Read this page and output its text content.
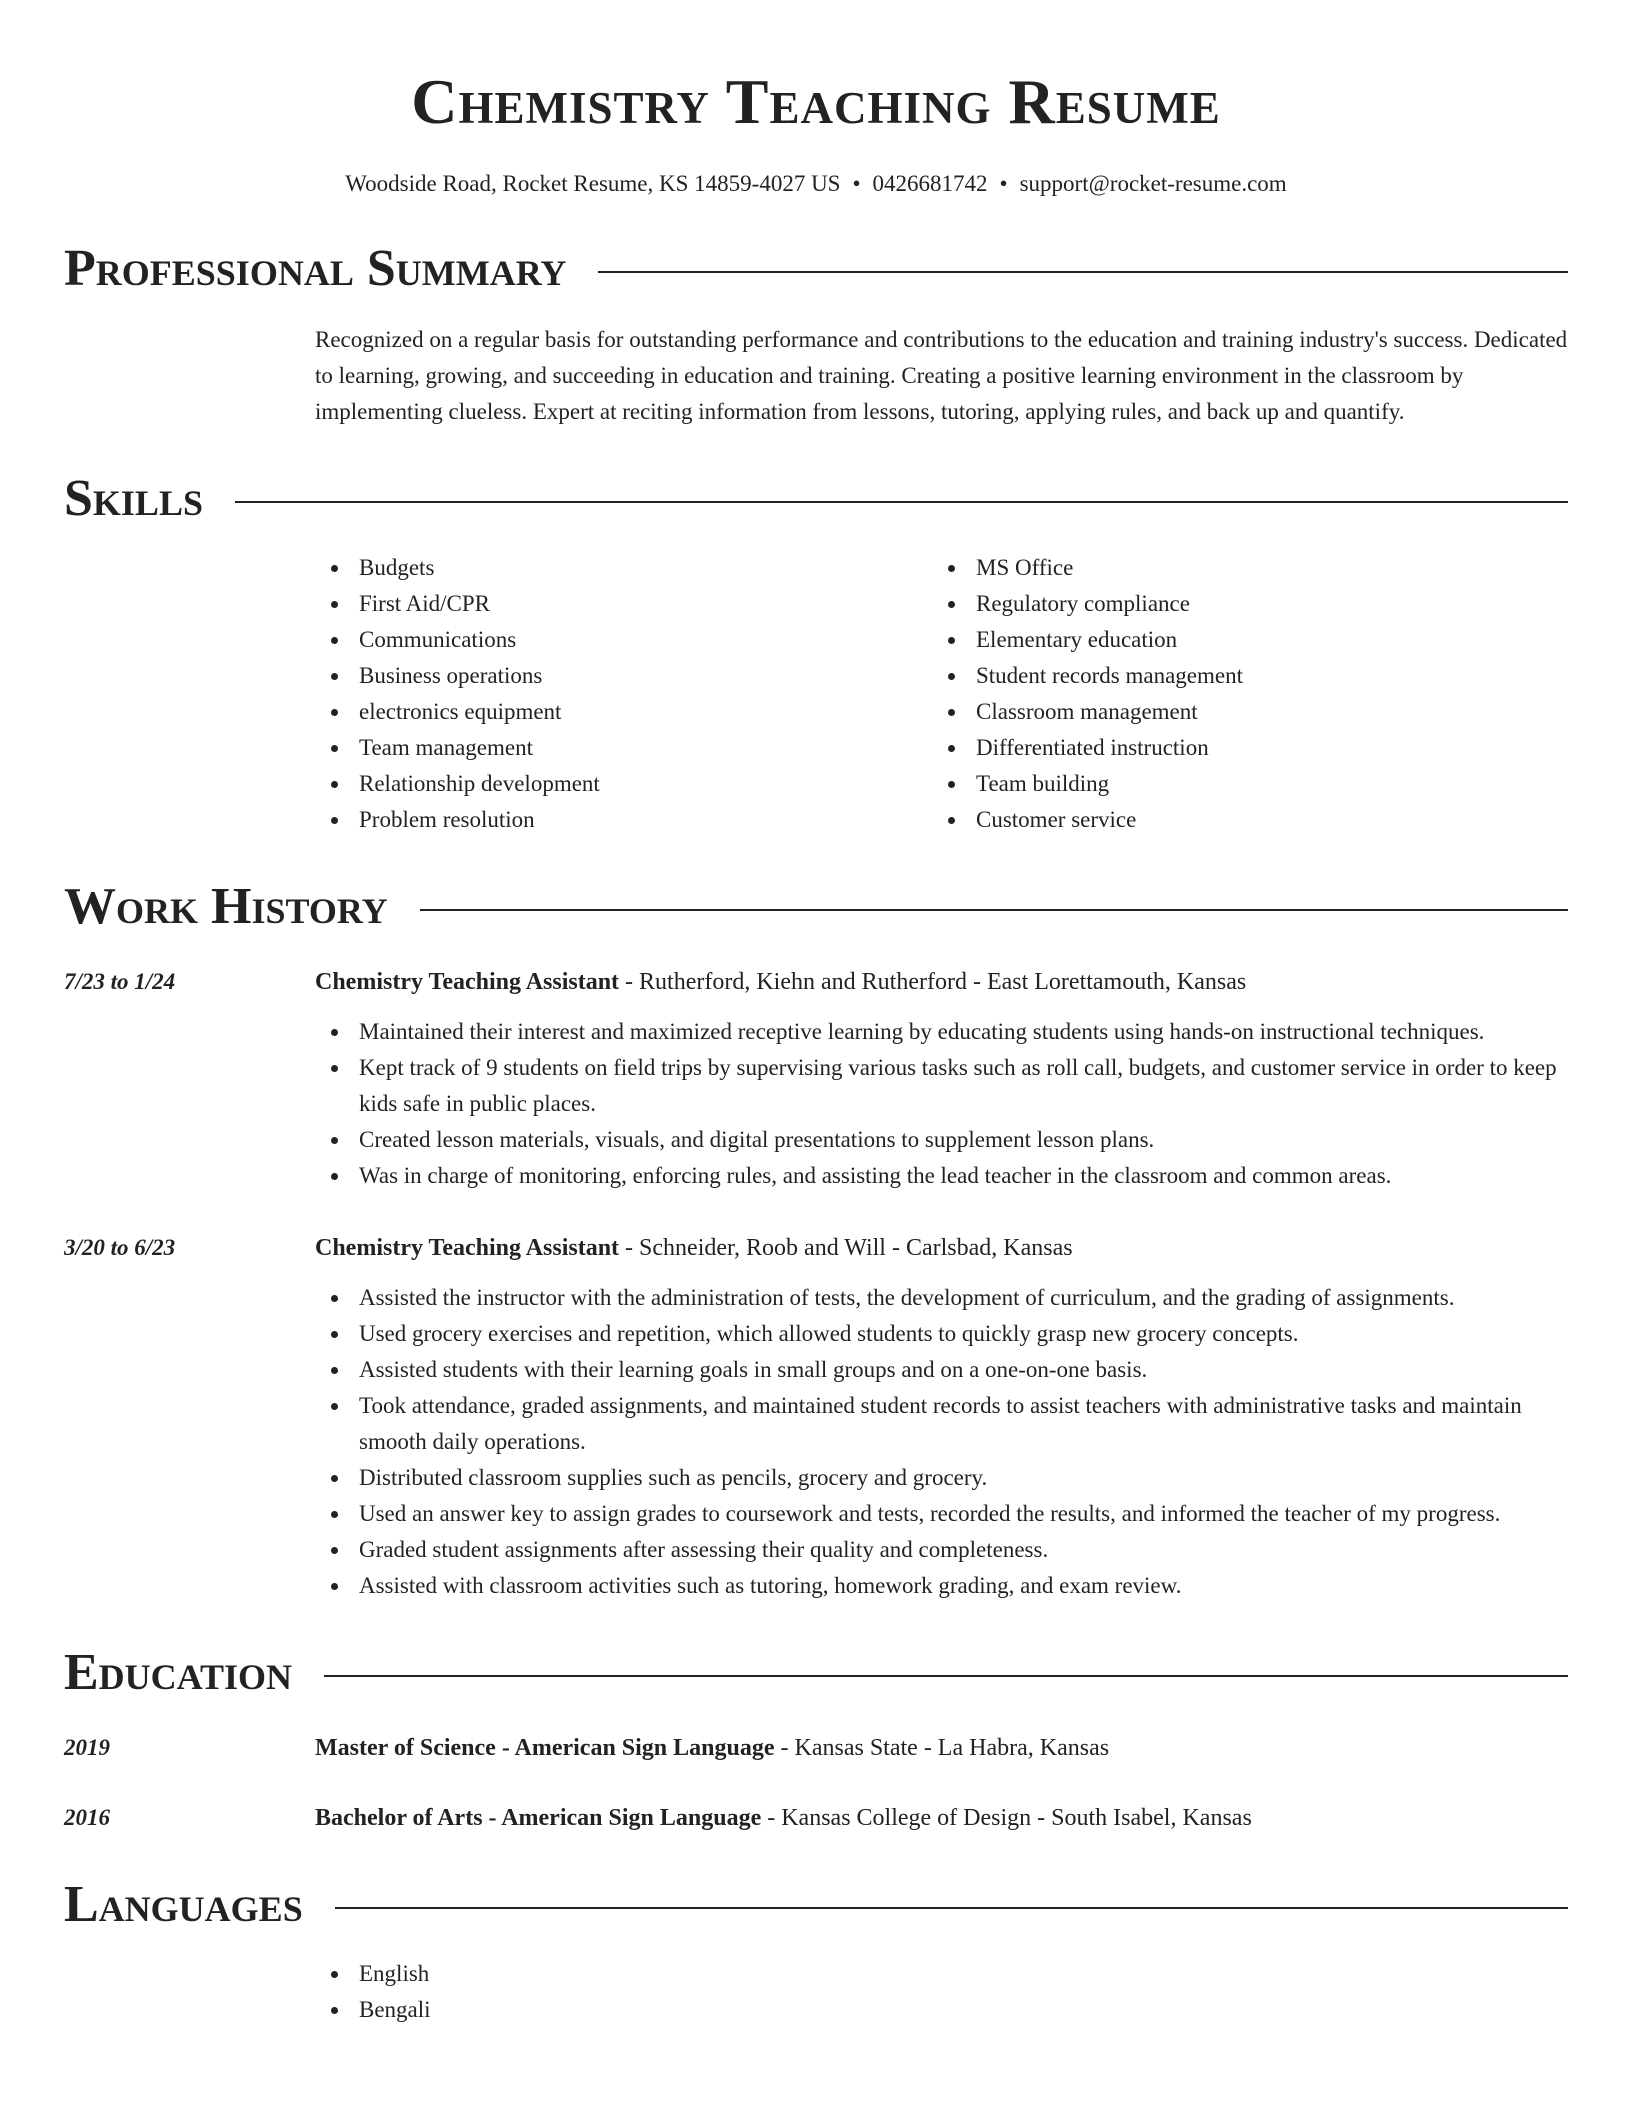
Chemistry Teaching Resume
Woodside Road, Rocket Resume, KS 14859-4027 US • 0426681742 • support@rocket-resume.com
Professional Summary

Recognized on a regular basis for outstanding performance and contributions to the education and training industry's success. Dedicated to learning, growing, and succeeding in education and training. Creating a positive learning environment in the classroom by implementing clueless. Expert at reciting information from lessons, tutoring, applying rules, and back up and quantify.

Skills
Budgets
First Aid/CPR
Communications
Business operations
electronics equipment
Team management
Relationship development
Problem resolution
MS Office
Regulatory compliance
Elementary education
Student records management
Classroom management
Differentiated instruction
Team building
Customer service
Work History
7/23 to 1/24	Chemistry Teaching Assistant - Rutherford, Kiehn and Rutherford - East Lorettamouth, Kansas
Maintained their interest and maximized receptive learning by educating students using hands-on instructional techniques.
Kept track of 9 students on field trips by supervising various tasks such as roll call, budgets, and customer service in order to keep kids safe in public places.
Created lesson materials, visuals, and digital presentations to supplement lesson plans.
Was in charge of monitoring, enforcing rules, and assisting the lead teacher in the classroom and common areas.
3/20 to 6/23	Chemistry Teaching Assistant - Schneider, Roob and Will - Carlsbad, Kansas
Assisted the instructor with the administration of tests, the development of curriculum, and the grading of assignments.
Used grocery exercises and repetition, which allowed students to quickly grasp new grocery concepts.
Assisted students with their learning goals in small groups and on a one-on-one basis.
Took attendance, graded assignments, and maintained student records to assist teachers with administrative tasks and maintain smooth daily operations.
Distributed classroom supplies such as pencils, grocery and grocery.
Used an answer key to assign grades to coursework and tests, recorded the results, and informed the teacher of my progress.
Graded student assignments after assessing their quality and completeness.
Assisted with classroom activities such as tutoring, homework grading, and exam review.
Education
2019	Master of Science - American Sign Language - Kansas State - La Habra, Kansas
2016	Bachelor of Arts - American Sign Language - Kansas College of Design - South Isabel, Kansas
Languages
English
Bengali
